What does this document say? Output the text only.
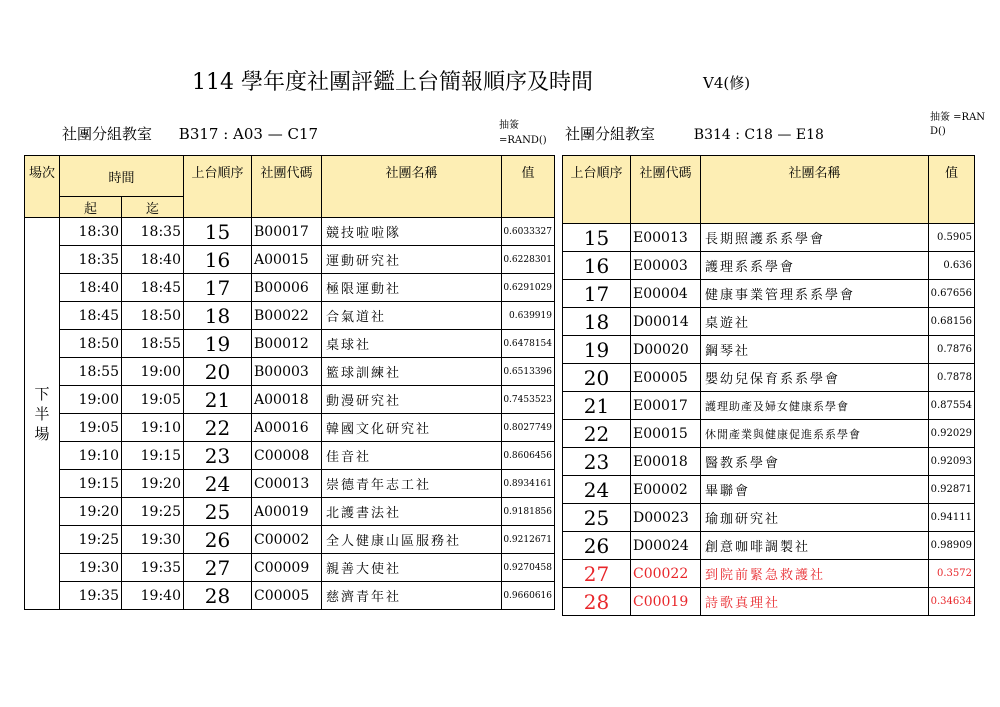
114 學年度社團評鑑上台簡報順序及時間	V4(修)
社團分組教室 B317 : A03 — C17	抽簽
=RAND() 社團分組教室	B314 : C18 — E18
抽簽 =RAND()
場次	時間		上台順序	社團代碼	社團名稱	值
	起	迄				
下半場	18:30	18:35	15	B00017	競技啦啦隊	0.6033327
	18:35	18:40	16	A00015	運動研究社	0.6228301
	18:40	18:45	17	B00006	極限運動社	0.6291029
	18:45	18:50	18	B00022	合氣道社	0.639919
	18:50	18:55	19	B00012	桌球社	0.6478154
	18:55	19:00	20	B00003	籃球訓練社	0.6513396
	19:00	19:05	21	A00018	動漫研究社	0.7453523
	19:05	19:10	22	A00016	韓國文化研究社	0.8027749
	19:10	19:15	23	C00008	佳音社	0.8606456
	19:15	19:20	24	C00013	崇德青年志工社	0.8934161
	19:20	19:25	25	A00019	北護書法社	0.9181856
	19:25	19:30	26	C00002	全人健康山區服務社	0.9212671
	19:30	19:35	27	C00009	親善大使社	0.9270458
	19:35	19:40	28	C00005	慈濟青年社	0.9660616
上台順序	社團代碼	社團名稱	值
15	E00013	長期照護系系學會	0.5905
16	E00003	護理系系學會	0.636
17	E00004	健康事業管理系系學會	0.67656
18	D00014	桌遊社	0.68156
19	D00020	鋼琴社	0.7876
20	E00005	嬰幼兒保育系系學會	0.7878
21	E00017	護理助產及婦女健康系學會	0.87554
22	E00015	休閒產業與健康促進系系學會	0.92029
23	E00018	醫教系學會	0.92093
24	E00002	畢聯會	0.92871
25	D00023	瑜珈研究社	0.94111
26	D00024	創意咖啡調製社	0.98909
27	C00022	到院前緊急救護社	0.3572
28	C00019	詩歌真理社	0.34634
